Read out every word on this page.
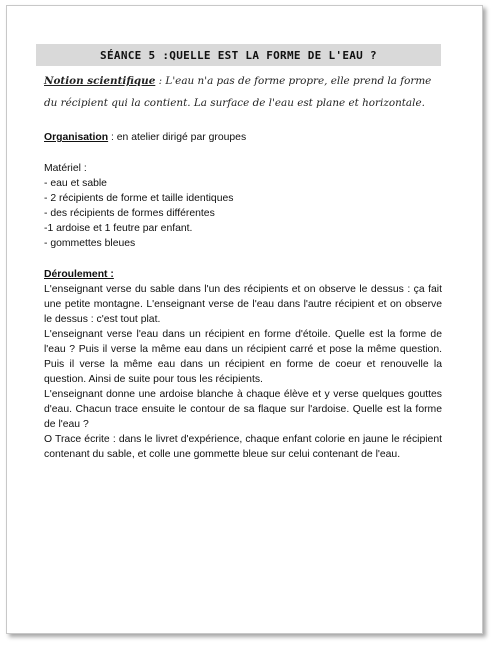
SÉANCE 5 :QUELLE EST LA FORME DE L'EAU ?
Notion scientifique : L'eau n'a pas de forme propre, elle prend la forme du récipient qui la contient. La surface de l'eau est plane et horizontale.
Organisation : en atelier dirigé par groupes
Matériel :
- eau et sable
- 2 récipients de forme et taille identiques
- des récipients de formes différentes
-1 ardoise et 1 feutre par enfant.
- gommettes bleues
Déroulement :
L'enseignant verse du sable dans l'un des récipients et on observe le dessus : ça fait une petite montagne. L'enseignant verse de l'eau dans l'autre récipient et on observe le dessus : c'est tout plat.
L'enseignant verse l'eau dans un récipient en forme d'étoile. Quelle est la forme de l'eau ? Puis il verse la même eau dans un récipient carré et pose la même question. Puis il verse la même eau dans un récipient en forme de coeur et renouvelle la question. Ainsi de suite pour tous les récipients.
L'enseignant donne une ardoise blanche à chaque élève et y verse quelques gouttes d'eau. Chacun trace ensuite le contour de sa flaque sur l'ardoise. Quelle est la forme de l'eau ?
O Trace écrite : dans le livret d'expérience, chaque enfant colorie en jaune le récipient contenant du sable, et colle une gommette bleue sur celui contenant de l'eau.
